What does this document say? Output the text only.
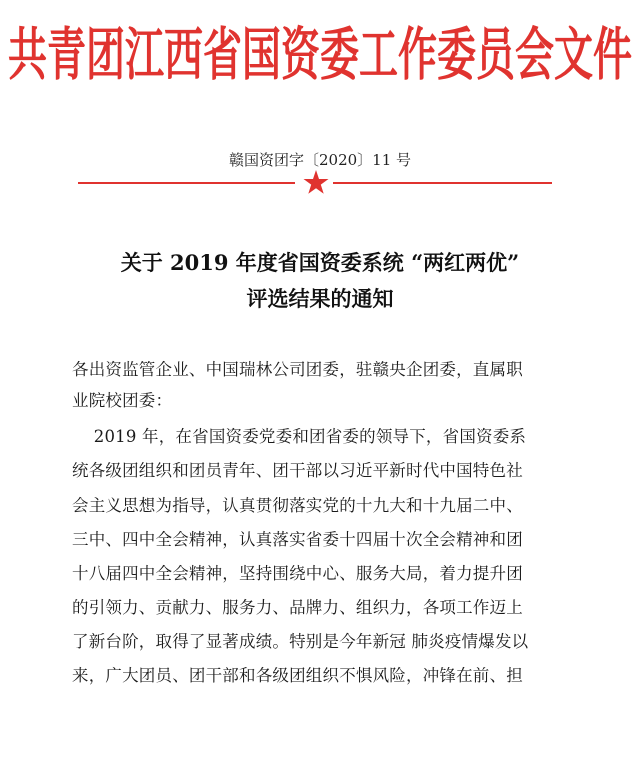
共青团江西省国资委工作委员会文件
赣国资团字〔2020〕11 号
关于 2019 年度省国资委系统 “两红两优”
评选结果的通知
各出资监管企业、中国瑞林公司团委，驻赣央企团委，直属职
业院校团委：
2019 年，在省国资委党委和团省委的领导下，省国资委系
统各级团组织和团员青年、团干部以习近平新时代中国特色社
会主义思想为指导，认真贯彻落实党的十九大和十九届二中、
三中、四中全会精神，认真落实省委十四届十次全会精神和团
十八届四中全会精神，坚持围绕中心、服务大局，着力提升团
的引领力、贡献力、服务力、品牌力、组织力，各项工作迈上
了新台阶，取得了显著成绩。特别是今年新冠 肺炎疫情爆发以
来，广大团员、团干部和各级团组织不惧风险，冲锋在前、担
